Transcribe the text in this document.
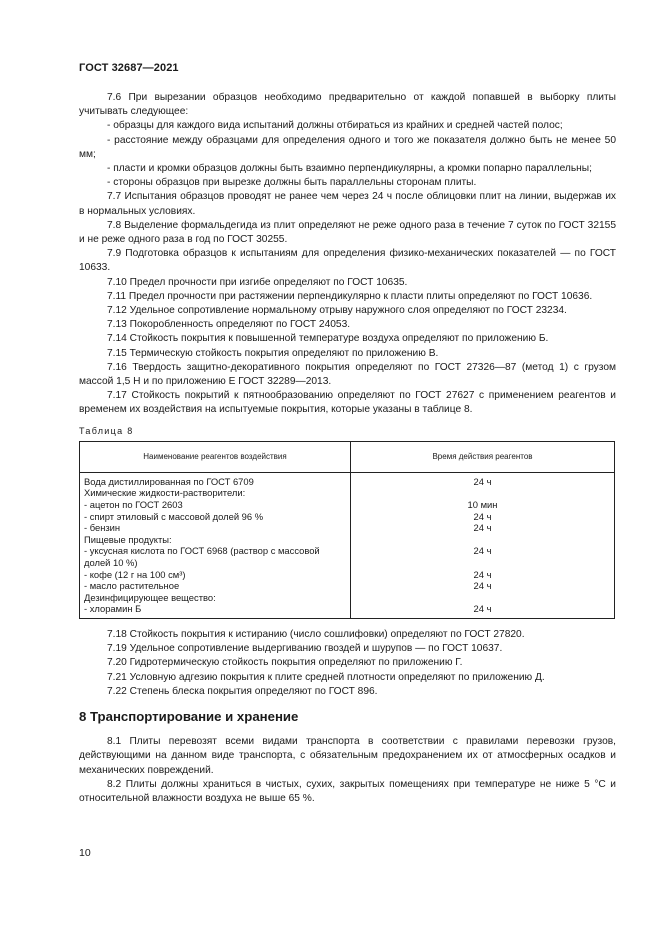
ГОСТ 32687—2021

7.6 При вырезании образцов необходимо предварительно от каждой попавшей в выборку плиты учитывать следующее:

- образцы для каждого вида испытаний должны отбираться из крайних и средней частей полос;

- расстояние между образцами для определения одного и того же показателя должно быть не менее 50 мм;

- пласти и кромки образцов должны быть взаимно перпендикулярны, а кромки попарно параллельны;

- стороны образцов при вырезке должны быть параллельны сторонам плиты.

7.7 Испытания образцов проводят не ранее чем через 24 ч после облицовки плит на линии, выдержав их в нормальных условиях.

7.8 Выделение формальдегида из плит определяют не реже одного раза в течение 7 суток по ГОСТ 32155 и не реже одного раза в год по ГОСТ 30255.

7.9 Подготовка образцов к испытаниям для определения физико-механических показателей — по ГОСТ 10633.

7.10 Предел прочности при изгибе определяют по ГОСТ 10635.

7.11 Предел прочности при растяжении перпендикулярно к пласти плиты определяют по ГОСТ 10636.

7.12 Удельное сопротивление нормальному отрыву наружного слоя определяют по ГОСТ 23234.

7.13 Покоробленность определяют по ГОСТ 24053.

7.14 Стойкость покрытия к повышенной температуре воздуха определяют по приложению Б.

7.15 Термическую стойкость покрытия определяют по приложению В.

7.16 Твердость защитно-декоративного покрытия определяют по ГОСТ 27326—87 (метод 1) с грузом массой 1,5 Н и по приложению Е ГОСТ 32289—2013.

7.17 Стойкость покрытий к пятнообразованию определяют по ГОСТ 27627 с применением реагентов и временем их воздействия на испытуемые покрытия, которые указаны в таблице 8.

Таблица 8
Наименование реагентов воздействия	Время действия реагентов
Вода дистиллированная по ГОСТ 6709	24 ч
Химические жидкости-растворители:	
- ацетон по ГОСТ 2603	10 мин
- спирт этиловый с массовой долей 96 %	24 ч
- бензин	24 ч
Пищевые продукты:	
- уксусная кислота по ГОСТ 6968 (раствор с массовой долей 10 %)	24 ч
- кофе (12 г на 100 см³)	24 ч
- масло растительное	24 ч
Дезинфицирующее вещество:	
- хлорамин Б	24 ч

7.18 Стойкость покрытия к истиранию (число сошлифовки) определяют по ГОСТ 27820.

7.19 Удельное сопротивление выдергиванию гвоздей и шурупов — по ГОСТ 10637.

7.20 Гидротермическую стойкость покрытия определяют по приложению Г.

7.21 Условную адгезию покрытия к плите средней плотности определяют по приложению Д.

7.22 Степень блеска покрытия определяют по ГОСТ 896.

8 Транспортирование и хранение

8.1 Плиты перевозят всеми видами транспорта в соответствии с правилами перевозки грузов, действующими на данном виде транспорта, с обязательным предохранением их от атмосферных осадков и механических повреждений.

8.2 Плиты должны храниться в чистых, сухих, закрытых помещениях при температуре не ниже 5 °С и относительной влажности воздуха не выше 65 %.

10
